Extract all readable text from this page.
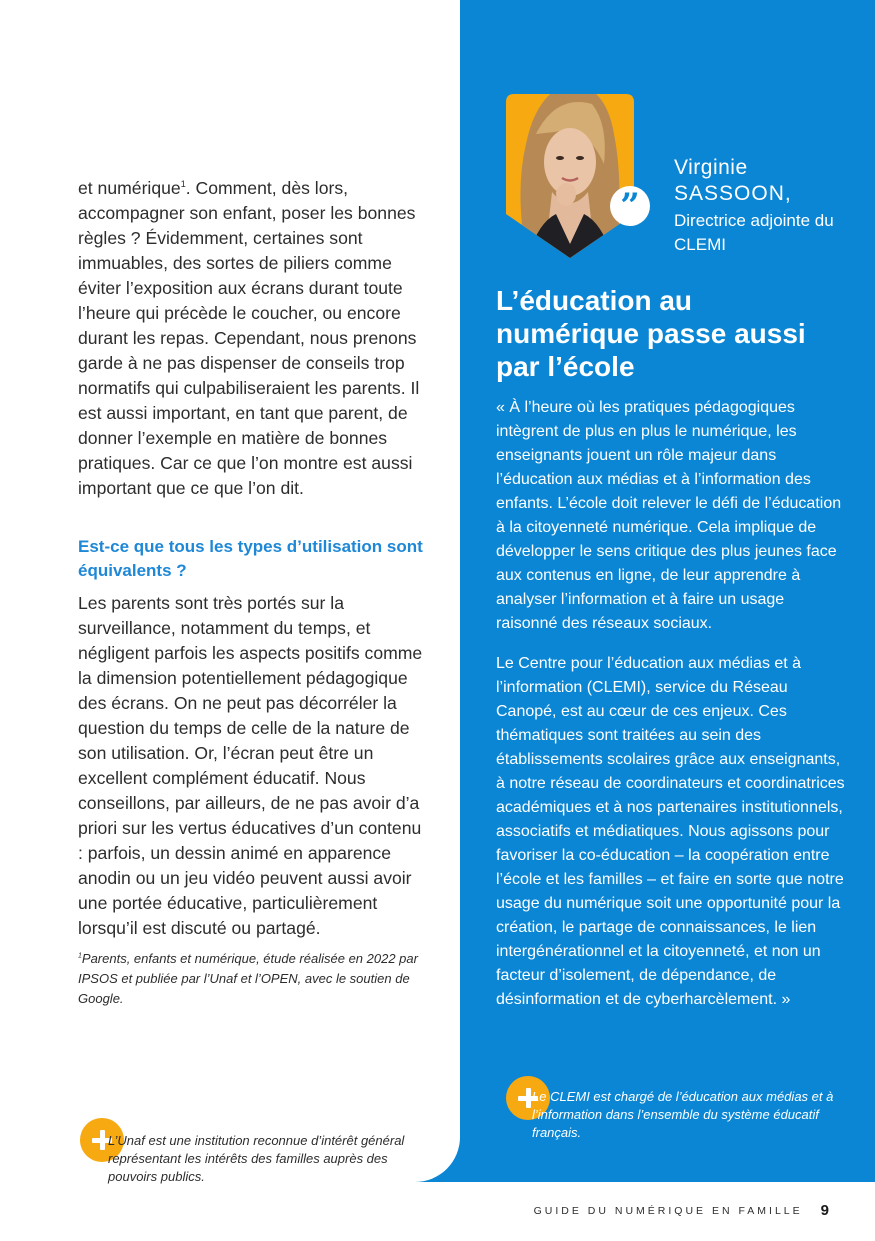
et numérique$^1$. Comment, dès lors, accompagner son enfant, poser les bonnes règles ? Évidemment, certaines sont immuables, des sortes de piliers comme éviter l’exposition aux écrans durant toute l’heure qui précède le coucher, ou encore durant les repas. Cependant, nous prenons garde à ne pas dispenser de conseils trop normatifs qui culpabiliseraient les parents. Il est aussi important, en tant que parent, de donner l’exemple en matière de bonnes pratiques. Car ce que l’on montre est aussi important que ce que l’on dit.

Est-ce que tous les types d’utilisation sont équivalents ?

Les parents sont très portés sur la surveillance, notamment du temps, et négligent parfois les aspects positifs comme la dimension potentiellement pédagogique des écrans. On ne peut pas décorréler la question du temps de celle de la nature de son utilisation. Or, l’écran peut être un excellent complément éducatif. Nous conseillons, par ailleurs, de ne pas avoir d’a priori sur les vertus éducatives d’un contenu : parfois, un dessin animé en apparence anodin ou un jeu vidéo peuvent aussi avoir une portée éducative, particulièrement lorsqu’il est discuté ou partagé.

$^1$Parents, enfants et numérique, étude réalisée en 2022 par IPSOS et publiée par l’Unaf et l’OPEN, avec le soutien de Google.

L’Unaf est une institution reconnue d’intérêt général représentant les intérêts des familles auprès des pouvoirs publics.

”

Virginie

SASSOON,

Directrice adjointe du CLEMI

L’éducation au numérique passe aussi par l’école

« À l’heure où les pratiques pédagogiques intègrent de plus en plus le numérique, les enseignants jouent un rôle majeur dans l’éducation aux médias et à l’information des enfants. L’école doit relever le défi de l’éducation à la citoyenneté numérique. Cela implique de développer le sens critique des plus jeunes face aux contenus en ligne, de leur apprendre à analyser l’information et à faire un usage raisonné des réseaux sociaux.

Le Centre pour l’éducation aux médias et à l’information (CLEMI), service du Réseau Canopé, est au cœur de ces enjeux. Ces thématiques sont traitées au sein des établissements scolaires grâce aux enseignants, à notre réseau de coordinateurs et coordinatrices académiques et à nos partenaires institutionnels, associatifs et médiatiques. Nous agissons pour favoriser la co-éducation – la coopération entre l’école et les familles – et faire en sorte que notre usage du numérique soit une opportunité pour la création, le partage de connaissances, le lien intergénérationnel et la citoyenneté, et non un facteur d’isolement, de dépendance, de désinformation et de cyberharcèlement. »

Le CLEMI est chargé de l’éducation aux médias et à l’information dans l’ensemble du système éducatif français.

GUIDE DU NUMÉRIQUE EN FAMILLE 9
